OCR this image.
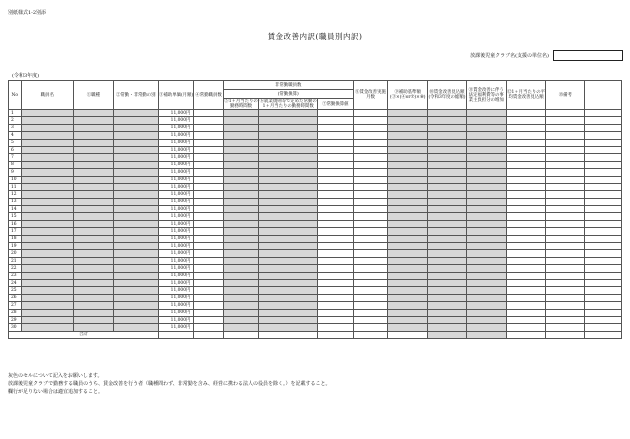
別紙様式1-2別添
賃金改善内訳(職員別内訳)
放課後児童クラブ名(支援の単位名)
(令和3年度)
No	職員名	①職種	②常勤・非常勤の別	③補助単価(月額)	④常勤職員数	非常勤職員数			⑧賃金改善実施月数	⑨補助基準額(③×(④or⑦)×⑧)	⑩賃金改善見込額(令和3年度の総額)	⑪賃金改善に伴う法定福利費等の事業主負担分の増加	⑫1ヶ月当たりの平均賃金改善見込額	⑬備考	
						(常勤換算)									
						⑤1ヶ月当たりの勤務時間数	⑥就業規則等で定めた常勤の1ヶ月当たりの勤務時間数	⑦常勤換算値							

1				11,000円											
2				11,000円											
3				11,000円											
4				11,000円											
5				11,000円											
6				11,000円											
7				11,000円											
8				11,000円											
9				11,000円											
10				11,000円											
11				11,000円											
12				11,000円											
13				11,000円											
14				11,000円											
15				11,000円											
16				11,000円											
17				11,000円											
18				11,000円											
19				11,000円											
20				11,000円											
21				11,000円											
22				11,000円											
23				11,000円											
24				11,000円											
25				11,000円											
26				11,000円											
27				11,000円											
28				11,000円											
29				11,000円											
30				11,000円											
合計															
灰色のセルについて記入をお願いします。
放課後児童クラブで勤務する職員のうち、賃金改善を行う者（職種問わず、非常勤を含み、経営に携わる法人の役員を除く。）を記載すること。
欄行が足りない場合は適宜追加すること。
